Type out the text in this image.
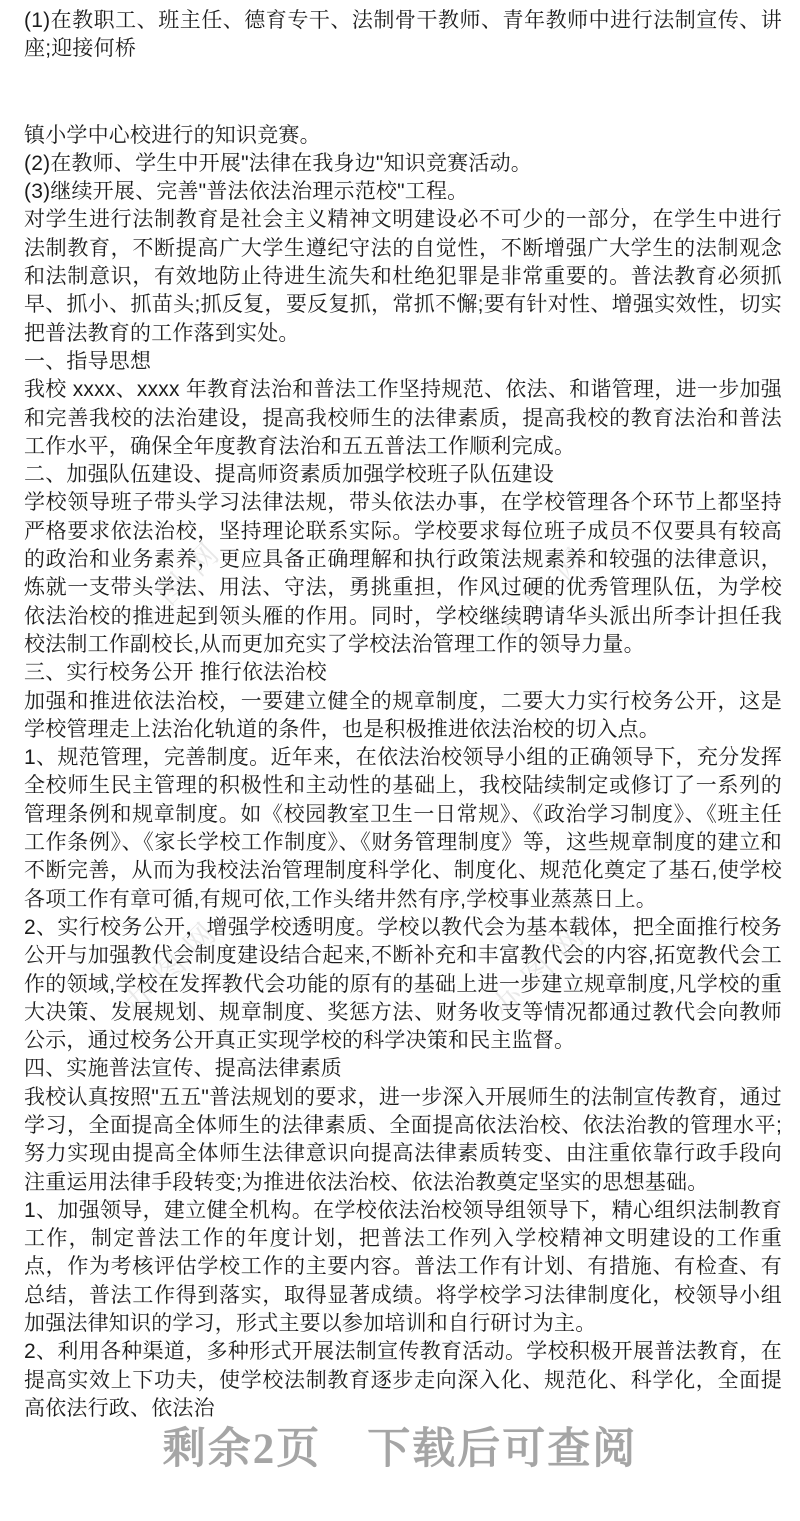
办图网	办图网
办图网	办图网

(1)在教职工、班主任、德育专干、法制骨干教师、青年教师中进行法制宣传、讲座;迎接何桥

镇小学中心校进行的知识竞赛。

(2)在教师、学生中开展"法律在我身边"知识竞赛活动。

(3)继续开展、完善"普法依法治理示范校"工程。

对学生进行法制教育是社会主义精神文明建设必不可少的一部分，在学生中进行法制教育，不断提高广大学生遵纪守法的自觉性，不断增强广大学生的法制观念和法制意识，有效地防止待进生流失和杜绝犯罪是非常重要的。普法教育必须抓早、抓小、抓苗头;抓反复，要反复抓，常抓不懈;要有针对性、增强实效性，切实把普法教育的工作落到实处。

一、指导思想

我校 xxxx、xxxx 年教育法治和普法工作坚持规范、依法、和谐管理，进一步加强和完善我校的法治建设，提高我校师生的法律素质，提高我校的教育法治和普法工作水平，确保全年度教育法治和五五普法工作顺利完成。

二、加强队伍建设、提高师资素质加强学校班子队伍建设

学校领导班子带头学习法律法规，带头依法办事，在学校管理各个环节上都坚持严格要求依法治校，坚持理论联系实际。学校要求每位班子成员不仅要具有较高的政治和业务素养，更应具备正确理解和执行政策法规素养和较强的法律意识，炼就一支带头学法、用法、守法，勇挑重担，作风过硬的优秀管理队伍，为学校依法治校的推进起到领头雁的作用。同时，学校继续聘请华头派出所李计担任我校法制工作副校长,从而更加充实了学校法治管理工作的领导力量。

三、实行校务公开 推行依法治校

加强和推进依法治校，一要建立健全的规章制度，二要大力实行校务公开，这是学校管理走上法治化轨道的条件，也是积极推进依法治校的切入点。

1、规范管理，完善制度。近年来，在依法治校领导小组的正确领导下，充分发挥全校师生民主管理的积极性和主动性的基础上，我校陆续制定或修订了一系列的管理条例和规章制度。如《校园教室卫生一日常规》、《政治学习制度》、《班主任工作条例》、《家长学校工作制度》、《财务管理制度》等，这些规章制度的建立和不断完善，从而为我校法治管理制度科学化、制度化、规范化奠定了基石,使学校各项工作有章可循,有规可依,工作头绪井然有序,学校事业蒸蒸日上。

2、实行校务公开，增强学校透明度。学校以教代会为基本载体，把全面推行校务公开与加强教代会制度建设结合起来,不断补充和丰富教代会的内容,拓宽教代会工作的领域,学校在发挥教代会功能的原有的基础上进一步建立规章制度,凡学校的重大决策、发展规划、规章制度、奖惩方法、财务收支等情况都通过教代会向教师公示，通过校务公开真正实现学校的科学决策和民主监督。

四、实施普法宣传、提高法律素质

我校认真按照"五五"普法规划的要求，进一步深入开展师生的法制宣传教育，通过学习，全面提高全体师生的法律素质、全面提高依法治校、依法治教的管理水平;努力实现由提高全体师生法律意识向提高法律素质转变、由注重依靠行政手段向注重运用法律手段转变;为推进依法治校、依法治教奠定坚实的思想基础。

1、加强领导，建立健全机构。在学校依法治校领导组领导下，精心组织法制教育工作，制定普法工作的年度计划，把普法工作列入学校精神文明建设的工作重点，作为考核评估学校工作的主要内容。普法工作有计划、有措施、有检查、有总结，普法工作得到落实，取得显著成绩。将学校学习法律制度化，校领导小组加强法律知识的学习，形式主要以参加培训和自行研讨为主。

2、利用各种渠道，多种形式开展法制宣传教育活动。学校积极开展普法教育，在提高实效上下功夫，使学校法制教育逐步走向深入化、规范化、科学化，全面提高依法行政、依法治

剩余2页 下载后可查阅
